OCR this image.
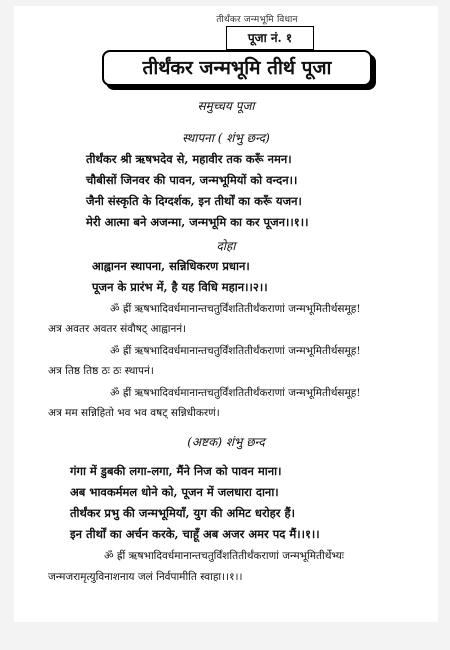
तीर्थंकर जन्मभूमि विधान
पूजा नं. १
तीर्थंकर जन्मभूमि तीर्थ पूजा
समुच्चय पूजा
स्थापना ( शंभु छन्द)
तीर्थंकर श्री ऋषभदेव से, महावीर तक करूँ नमन।
चौबीसों जिनवर की पावन, जन्मभूमियों को वन्दन।।
जैनी संस्कृति के दिग्दर्शक, इन तीर्थों का करूँ यजन।
मेरी आत्मा बने अजन्मा, जन्मभूमि का कर पूजन।।१।।
दोहा
आह्वानन स्थापना, सन्निधिकरण प्रधान।
पूजन के प्रारंभ में, है यह विधि महान।।२।।
ॐ ह्रीं ऋषभादिवर्धमानान्तचतुर्विंशतितीर्थंकराणां जन्मभूमितीर्थसमूह!
अत्र अवतर अवतर संवौषट् आह्वाननं।
ॐ ह्रीं ऋषभादिवर्धमानान्तचतुर्विंशतितीर्थंकराणां जन्मभूमितीर्थसमूह!
अत्र तिष्ठ तिष्ठ ठः ठः स्थापनं।
ॐ ह्रीं ऋषभादिवर्धमानान्तचतुर्विंशतितीर्थंकराणां जन्मभूमितीर्थसमूह!
अत्र मम सन्निहितो भव भव वषट् सन्निधीकरणं।
(अष्टक) शंभु छन्द
गंगा में डुबकी लगा-लगा, मैंने निज को पावन माना।
अब भावकर्ममल धोने को, पूजन में जलधारा दाना।
तीर्थंकर प्रभु की जन्मभूमियाँ, युग की अमिट धरोहर हैं।
इन तीर्थों का अर्चन करके, चाहूँ अब अजर अमर पद मैं।।१।।
ॐ ह्रीं ऋषभादिवर्धमानान्तचतुर्विंशतितीर्थंकराणां जन्मभूमितीर्थेभ्यः
जन्मजरामृत्युविनाशनाय जलं निर्वपामीति स्वाहा।।१।।
